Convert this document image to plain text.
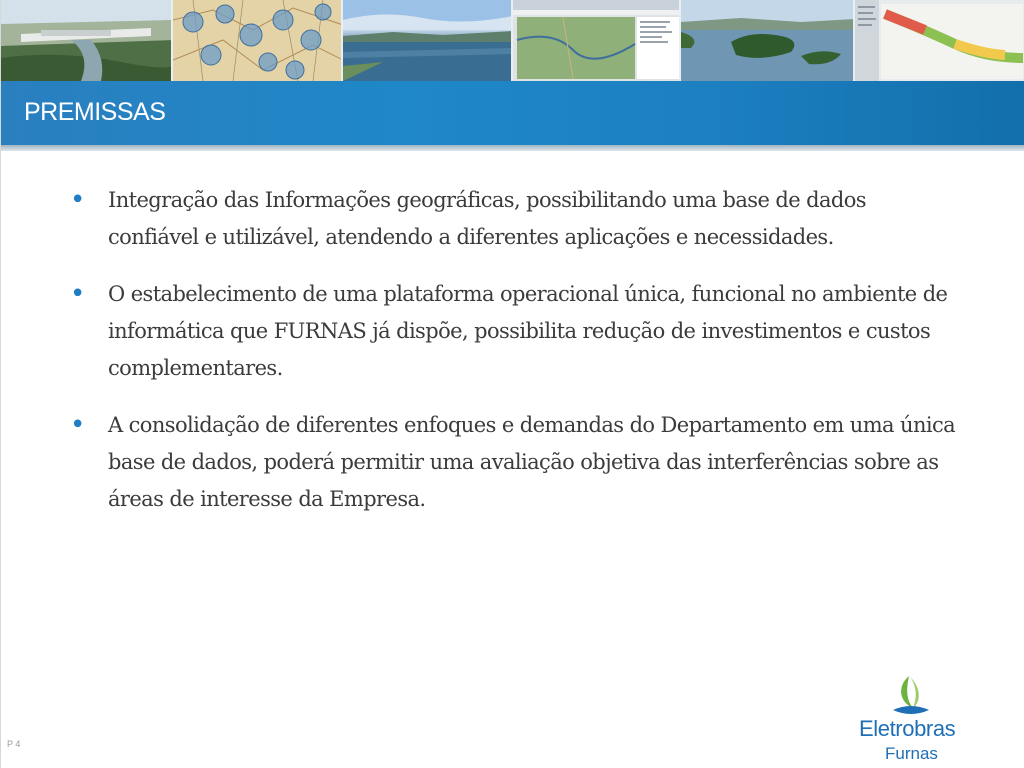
PREMISSAS
• Integração das Informações geográficas, possibilitando uma base de dados confiável e utilizável, atendendo a diferentes aplicações e necessidades.
• O estabelecimento de uma plataforma operacional única, funcional no ambiente de informática que FURNAS já dispõe, possibilita redução de investimentos e custos complementares.
• A consolidação de diferentes enfoques e demandas do Departamento em uma única base de dados, poderá permitir uma avaliação objetiva das interferências sobre as áreas de interesse da Empresa.
P 4
Eletrobras
Furnas
